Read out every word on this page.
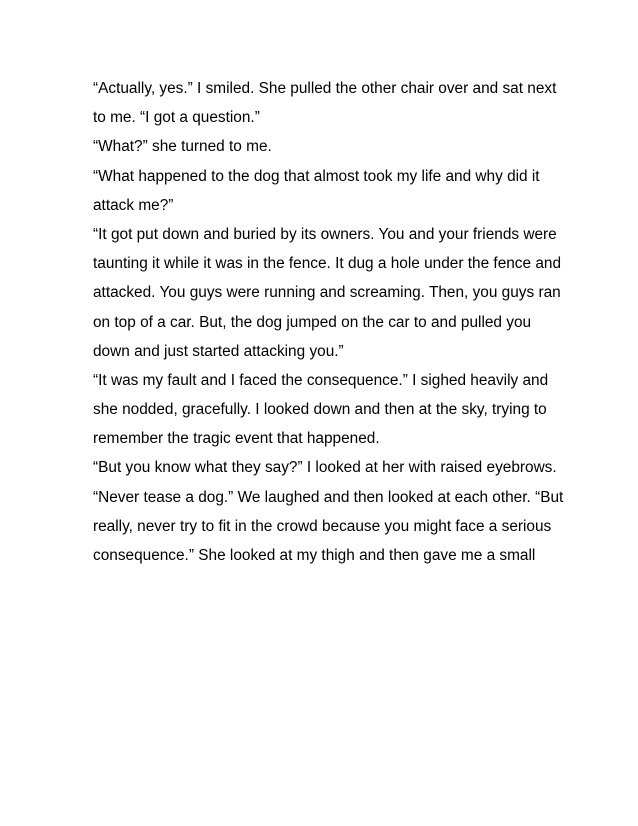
“Actually, yes.” I smiled. She pulled the other chair over and sat next
to me. “I got a question.”
“What?” she turned to me.
“What happened to the dog that almost took my life and why did it
attack me?”
“It got put down and buried by its owners. You and your friends were
taunting it while it was in the fence. It dug a hole under the fence and
attacked. You guys were running and screaming. Then, you guys ran
on top of a car. But, the dog jumped on the car to and pulled you
down and just started attacking you.”
“It was my fault and I faced the consequence.” I sighed heavily and
she nodded, gracefully. I looked down and then at the sky, trying to
remember the tragic event that happened.
“But you know what they say?” I looked at her with raised eyebrows.
“Never tease a dog.” We laughed and then looked at each other. “But
really, never try to fit in the crowd because you might face a serious
consequence.” She looked at my thigh and then gave me a small
